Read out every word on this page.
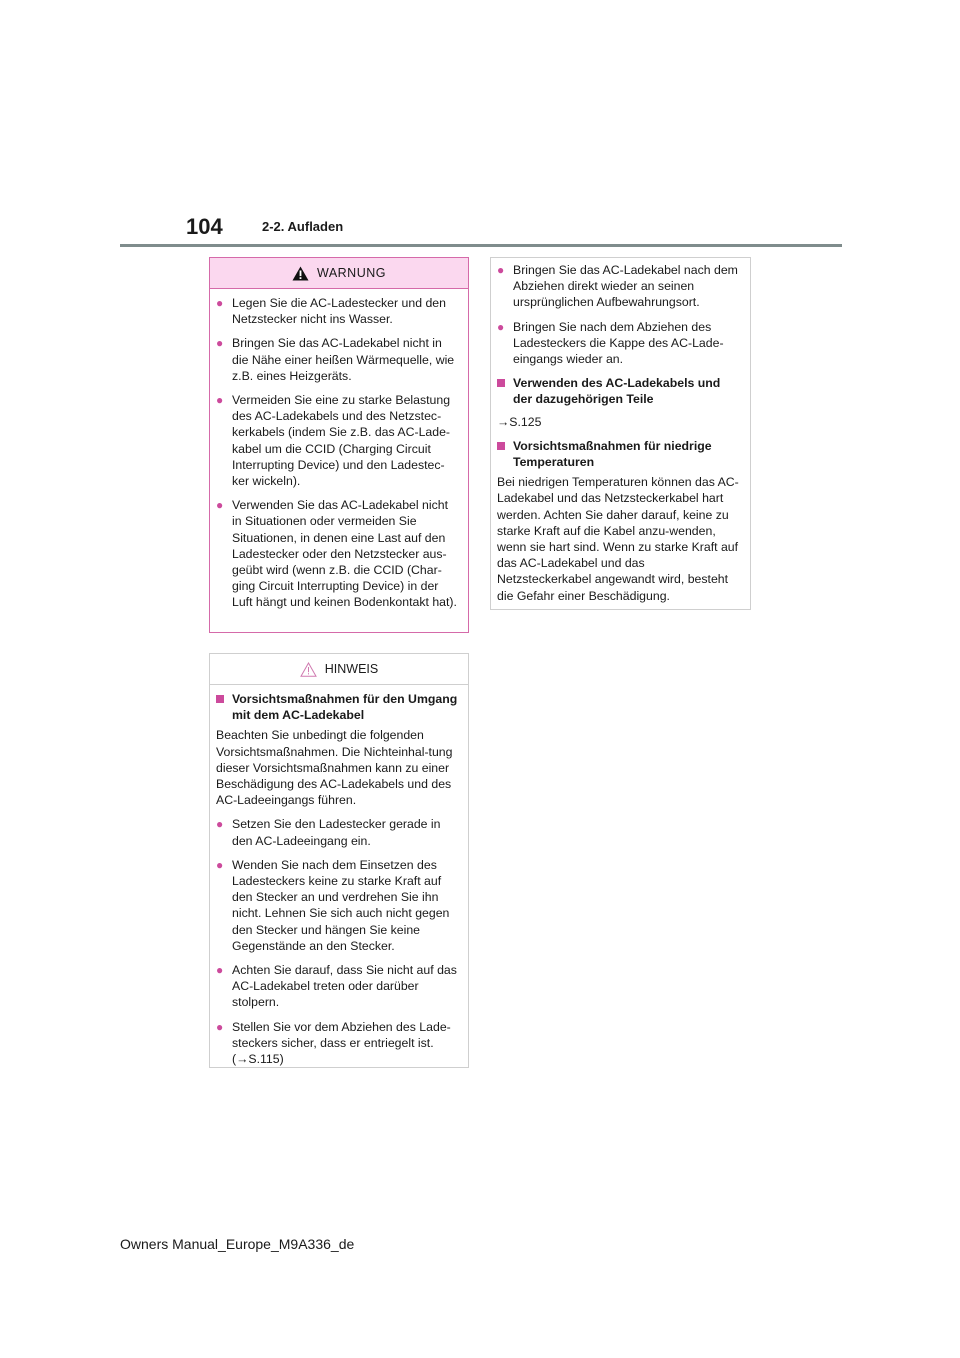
104	2-2. Aufladen
WARNUNG
● Legen Sie die AC-Ladestecker und den Netzstecker nicht ins Wasser.
● Bringen Sie das AC-Ladekabel nicht in die Nähe einer heißen Wärmequelle, wie z.B. eines Heizgeräts.
● Vermeiden Sie eine zu starke Belastung des AC-Ladekabels und des Netzstec-kerkabels (indem Sie z.B. das AC-Lade-kabel um die CCID (Charging Circuit Interrupting Device) und den Ladestec-ker wickeln).
● Verwenden Sie das AC-Ladekabel nicht in Situationen oder vermeiden Sie Situationen, in denen eine Last auf den Ladestecker oder den Netzstecker aus-geübt wird (wenn z.B. die CCID (Char-ging Circuit Interrupting Device) in der Luft hängt und keinen Bodenkontakt hat).
HINWEIS
Vorsichtsmaßnahmen für den Umgang mit dem AC-Ladekabel
Beachten Sie unbedingt die folgenden Vorsichtsmaßnahmen. Die Nichteinhal-tung dieser Vorsichtsmaßnahmen kann zu einer Beschädigung des AC-Ladekabels und des AC-Ladeeingangs führen.
● Setzen Sie den Ladestecker gerade in den AC-Ladeeingang ein.
● Wenden Sie nach dem Einsetzen des Ladesteckers keine zu starke Kraft auf den Stecker an und verdrehen Sie ihn nicht. Lehnen Sie sich auch nicht gegen den Stecker und hängen Sie keine Gegenstände an den Stecker.
● Achten Sie darauf, dass Sie nicht auf das AC-Ladekabel treten oder darüber stolpern.
● Stellen Sie vor dem Abziehen des Lade-steckers sicher, dass er entriegelt ist. (→S.115)
● Bringen Sie das AC-Ladekabel nach dem Abziehen direkt wieder an seinen ursprünglichen Aufbewahrungsort.
● Bringen Sie nach dem Abziehen des Ladesteckers die Kappe des AC-Lade-eingangs wieder an.
Verwenden des AC-Ladekabels und der dazugehörigen Teile
→S.125
Vorsichtsmaßnahmen für niedrige Temperaturen
Bei niedrigen Temperaturen können das AC-Ladekabel und das Netzsteckerkabel hart werden. Achten Sie daher darauf, keine zu starke Kraft auf die Kabel anzu-wenden, wenn sie hart sind. Wenn zu starke Kraft auf das AC-Ladekabel und das Netzsteckerkabel angewandt wird, besteht die Gefahr einer Beschädigung.
Owners Manual_Europe_M9A336_de
